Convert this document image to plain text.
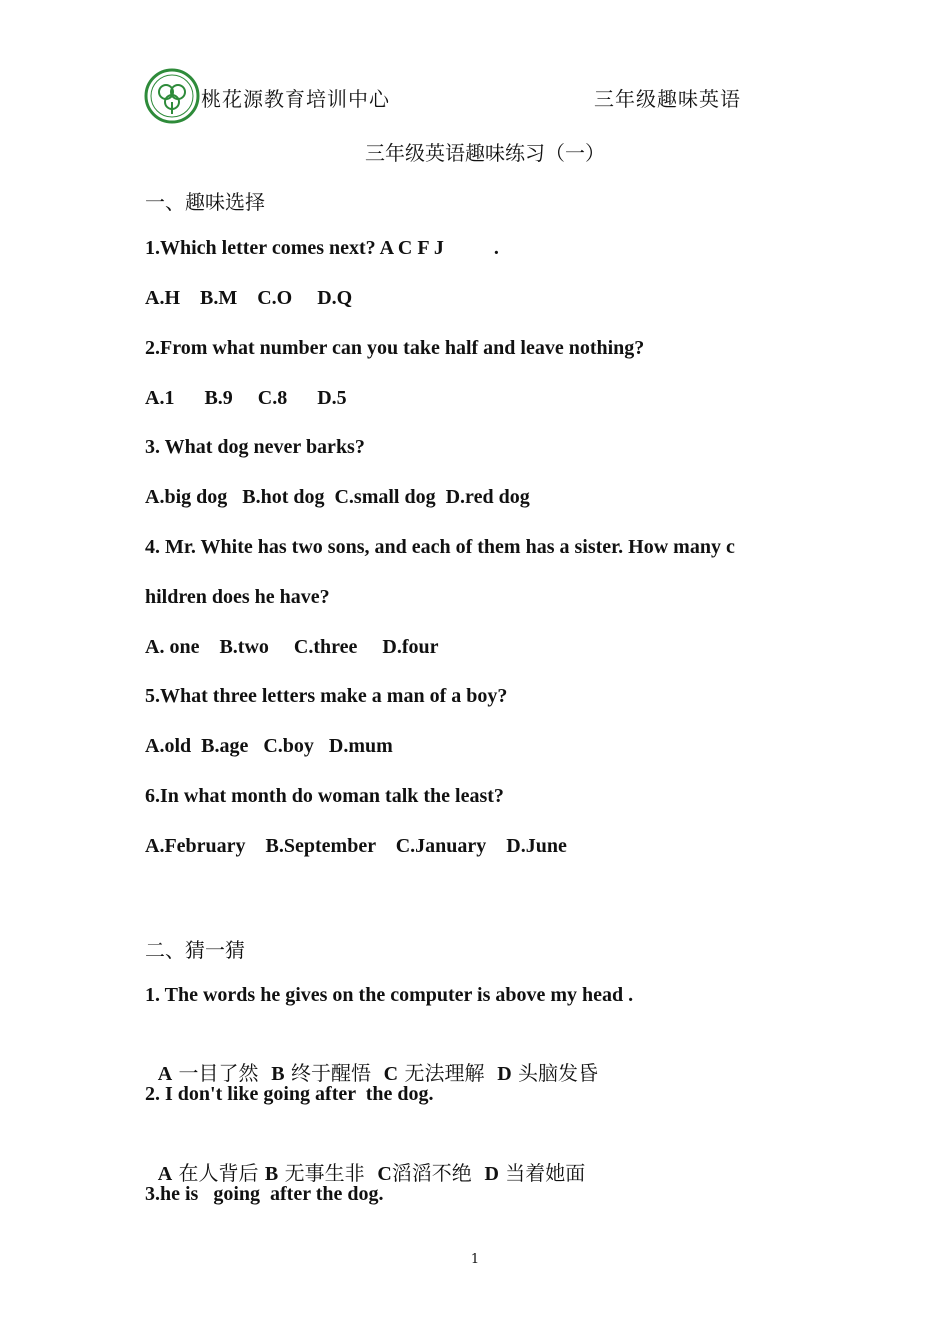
桃花源教育培训中心	三年级趣味英语
三年级英语趣味练习（一）
一、趣味选择
1.Which letter comes next? A C F J          .
A.H    B.M    C.O     D.Q
2.From what number can you take half and leave nothing?
A.1      B.9     C.8      D.5
3. What dog never barks?
A.big dog   B.hot dog  C.small dog  D.red dog
4. Mr. White has two sons, and each of them has a sister. How many c
hildren does he have?
A. one    B.two     C.three     D.four
5.What three letters make a man of a boy?
A.old  B.age   C.boy   D.mum
6.In what month do woman talk the least?
A.February    B.September    C.January    D.June
二、猜一猜
1. The words he gives on the computer is above my head .

A 一目了然  B 终于醒悟  C 无法理解  D 头脑发昏

2. I don't like going after  the dog.

A 在人背后 B 无事生非  C滔滔不绝  D 当着她面

3.he is   going  after the dog.
1
